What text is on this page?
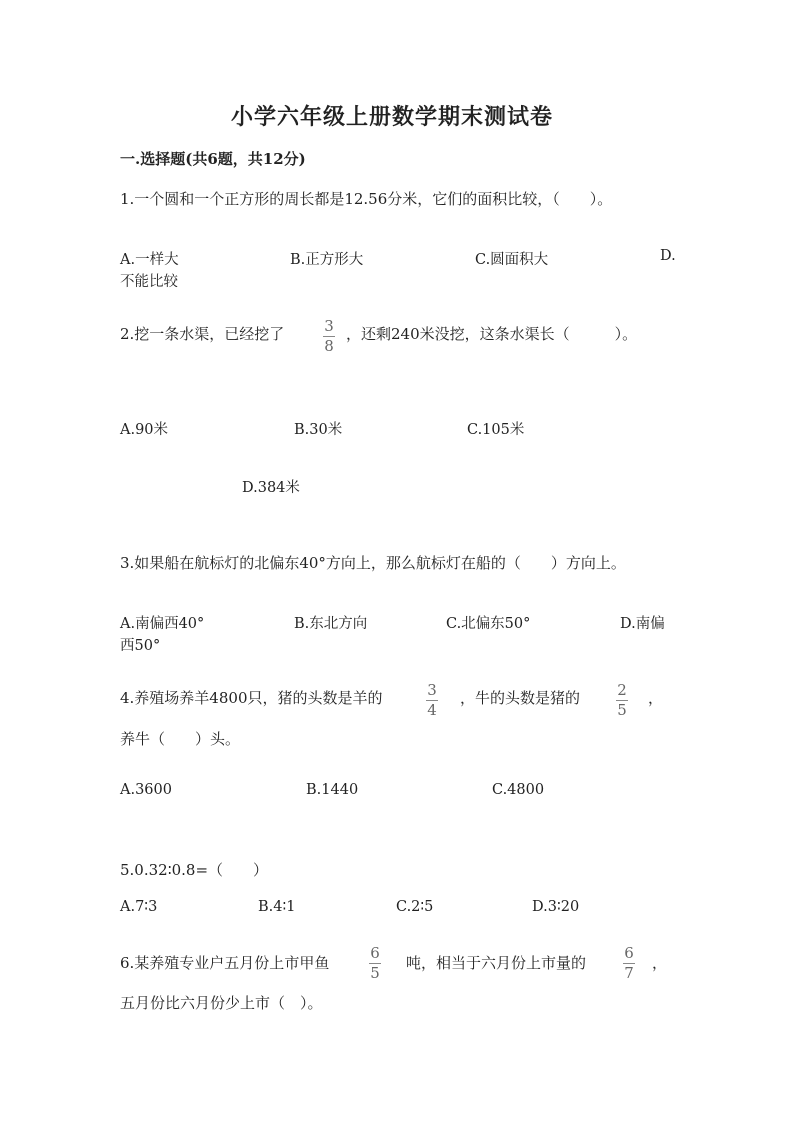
小学六年级上册数学期末测试卷
一.选择题(共6题，共12分)
1.一个圆和一个正方形的周长都是12.56分米，它们的面积比较，（　　）。
A.一样大	B.正方形大	C.圆面积大	D.
不能比较
2.挖一条水渠，已经挖了	3
8
，还剩240米没挖，这条水渠长（　　　）。
A.90米	B.30米	C.105米
D.384米
3.如果船在航标灯的北偏东40°方向上，那么航标灯在船的（　　）方向上。
A.南偏西40°	B.东北方向	C.北偏东50°	D.南偏
西50°
4.养殖场养羊4800只，猪的头数是羊的	3
4
，牛的头数是猪的 2
5
，
养牛（　　）头。
A.3600	B.1440	C.4800
5.0.32∶0.8=（　　）
A.7∶3	B.4∶1	C.2∶5	D.3∶20
6.某养殖专业户五月份上市甲鱼
6
5
吨，相当于六月份上市量的
6
7
，
五月份比六月份少上市（　）。
